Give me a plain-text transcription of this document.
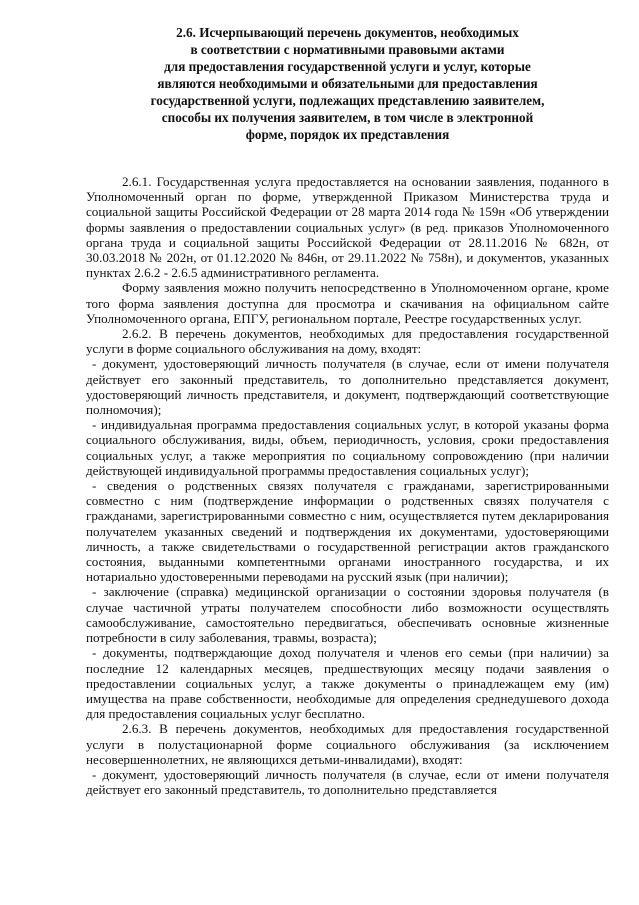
2.6. Исчерпывающий перечень документов, необходимых
в соответствии с нормативными правовыми актами
для предоставления государственной услуги и услуг, которые
являются необходимыми и обязательными для предоставления
государственной услуги, подлежащих представлению заявителем,
способы их получения заявителем, в том числе в электронной
форме, порядок их представления

2.6.1. Государственная услуга предоставляется на основании заявления, поданного в Уполномоченный орган по форме, утвержденной Приказом Министерства труда и социальной защиты Российской Федерации от 28 марта 2014 года № 159н «Об утверждении формы заявления о предоставлении социальных услуг» (в ред. приказов Уполномоченного органа труда и социальной защиты Российской Федерации от 28.11.2016 № 682н, от 30.03.2018 № 202н, от 01.12.2020 № 846н, от 29.11.2022 № 758н), и документов, указанных пунктах 2.6.2 - 2.6.5 административного регламента.

Форму заявления можно получить непосредственно в Уполномоченном органе, кроме того форма заявления доступна для просмотра и скачивания на официальном сайте Уполномоченного органа, ЕПГУ, региональном портале, Реестре государственных услуг.

2.6.2. В перечень документов, необходимых для предоставления государственной услуги в форме социального обслуживания на дому, входят:

- документ, удостоверяющий личность получателя (в случае, если от имени получателя действует его законный представитель, то дополнительно представляется документ, удостоверяющий личность представителя, и документ, подтверждающий соответствующие полномочия);

- индивидуальная программа предоставления социальных услуг, в которой указаны форма социального обслуживания, виды, объем, периодичность, условия, сроки предоставления социальных услуг, а также мероприятия по социальному сопровождению (при наличии действующей индивидуальной программы предоставления социальных услуг);

- сведения о родственных связях получателя с гражданами, зарегистрированными совместно с ним (подтверждение информации о родственных связях получателя с гражданами, зарегистрированными совместно с ним, осуществляется путем декларирования получателем указанных сведений и подтверждения их документами, удостоверяющими личность, а также свидетельствами о государственной регистрации актов гражданского состояния, выданными компетентными органами иностранного государства, и их нотариально удостоверенными переводами на русский язык (при наличии);

- заключение (справка) медицинской организации о состоянии здоровья получателя (в случае частичной утраты получателем способности либо возможности осуществлять самообслуживание, самостоятельно передвигаться, обеспечивать основные жизненные потребности в силу заболевания, травмы, возраста);

- документы, подтверждающие доход получателя и членов его семьи (при наличии) за последние 12 календарных месяцев, предшествующих месяцу подачи заявления о предоставлении социальных услуг, а также документы о принадлежащем ему (им) имущества на праве собственности, необходимые для определения среднедушевого дохода для предоставления социальных услуг бесплатно.

2.6.3. В перечень документов, необходимых для предоставления государственной услуги в полустационарной форме социального обслуживания (за исключением несовершеннолетних, не являющихся детьми-инвалидами), входят:

- документ, удостоверяющий личность получателя (в случае, если от имени получателя действует его законный представитель, то дополнительно представляется
